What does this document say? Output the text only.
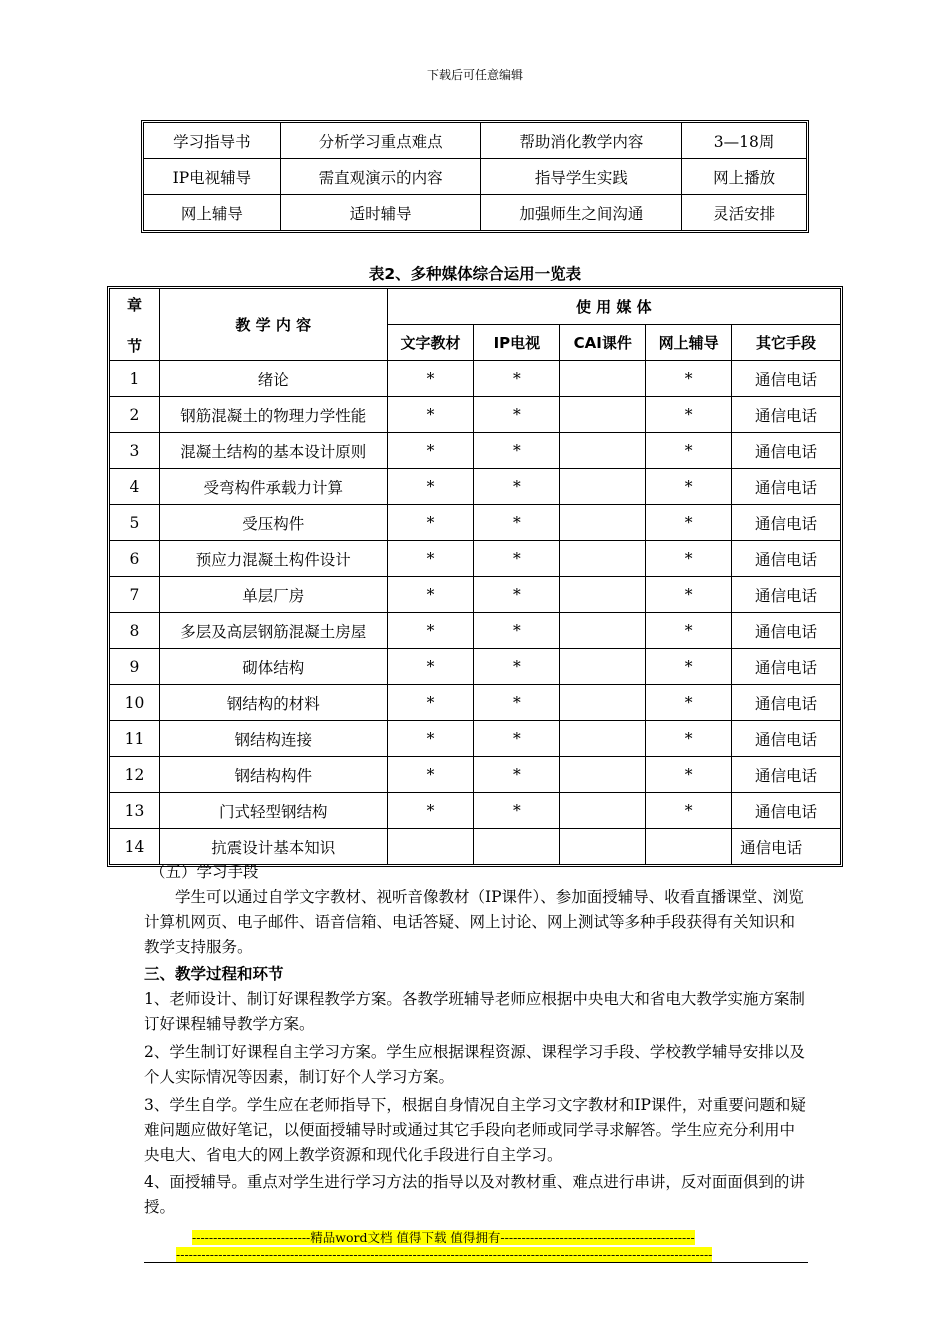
下载后可任意编辑
学习指导书	分析学习重点难点	帮助消化教学内容	3—18周
IP电视辅导	需直观演示的内容	指导学生实践	网上播放
网上辅导	适时辅导	加强师生之间沟通	灵活安排
表2、多种媒体综合运用一览表
章
节	教 学 内 容	使 用 媒 体				
		文字教材	IP电视	CAI课件	网上辅导	其它手段
1	绪论	*	*		*	通信电话
2	钢筋混凝土的物理力学性能	*	*		*	通信电话
3	混凝土结构的基本设计原则	*	*		*	通信电话
4	受弯构件承载力计算	*	*		*	通信电话
5	受压构件	*	*		*	通信电话
6	预应力混凝土构件设计	*	*		*	通信电话
7	单层厂房	*	*		*	通信电话
8	多层及高层钢筋混凝土房屋	*	*		*	通信电话
9	砌体结构	*	*		*	通信电话
10	钢结构的材料	*	*		*	通信电话
11	钢结构连接	*	*		*	通信电话
12	钢结构构件	*	*		*	通信电话
13	门式轻型钢结构	*	*		*	通信电话
14	抗震设计基本知识					通信电话
（五）学习手段
学生可以通过自学文字教材、视听音像教材（IP课件）、参加面授辅导、收看直播课堂、浏览计算机网页、电子邮件、语音信箱、电话答疑、网上讨论、网上测试等多种手段获得有关知识和教学支持服务。
三、教学过程和环节
1、老师设计、制订好课程教学方案。各教学班辅导老师应根据中央电大和省电大教学实施方案制订好课程辅导教学方案。
2、学生制订好课程自主学习方案。学生应根据课程资源、课程学习手段、学校教学辅导安排以及个人实际情况等因素，制订好个人学习方案。
3、学生自学。学生应在老师指导下，根据自身情况自主学习文字教材和IP课件，对重要问题和疑难问题应做好笔记，以便面授辅导时或通过其它手段向老师或同学寻求解答。学生应充分利用中央电大、省电大的网上教学资源和现代化手段进行自主学习。
4、面授辅导。重点对学生进行学习方法的指导以及对教材重、难点进行串讲，反对面面俱到的讲授。
----------------------------精品word文档 值得下载 值得拥有----------------------------------------------
-------------------------------------------------------------------------------------------------------------------------------
